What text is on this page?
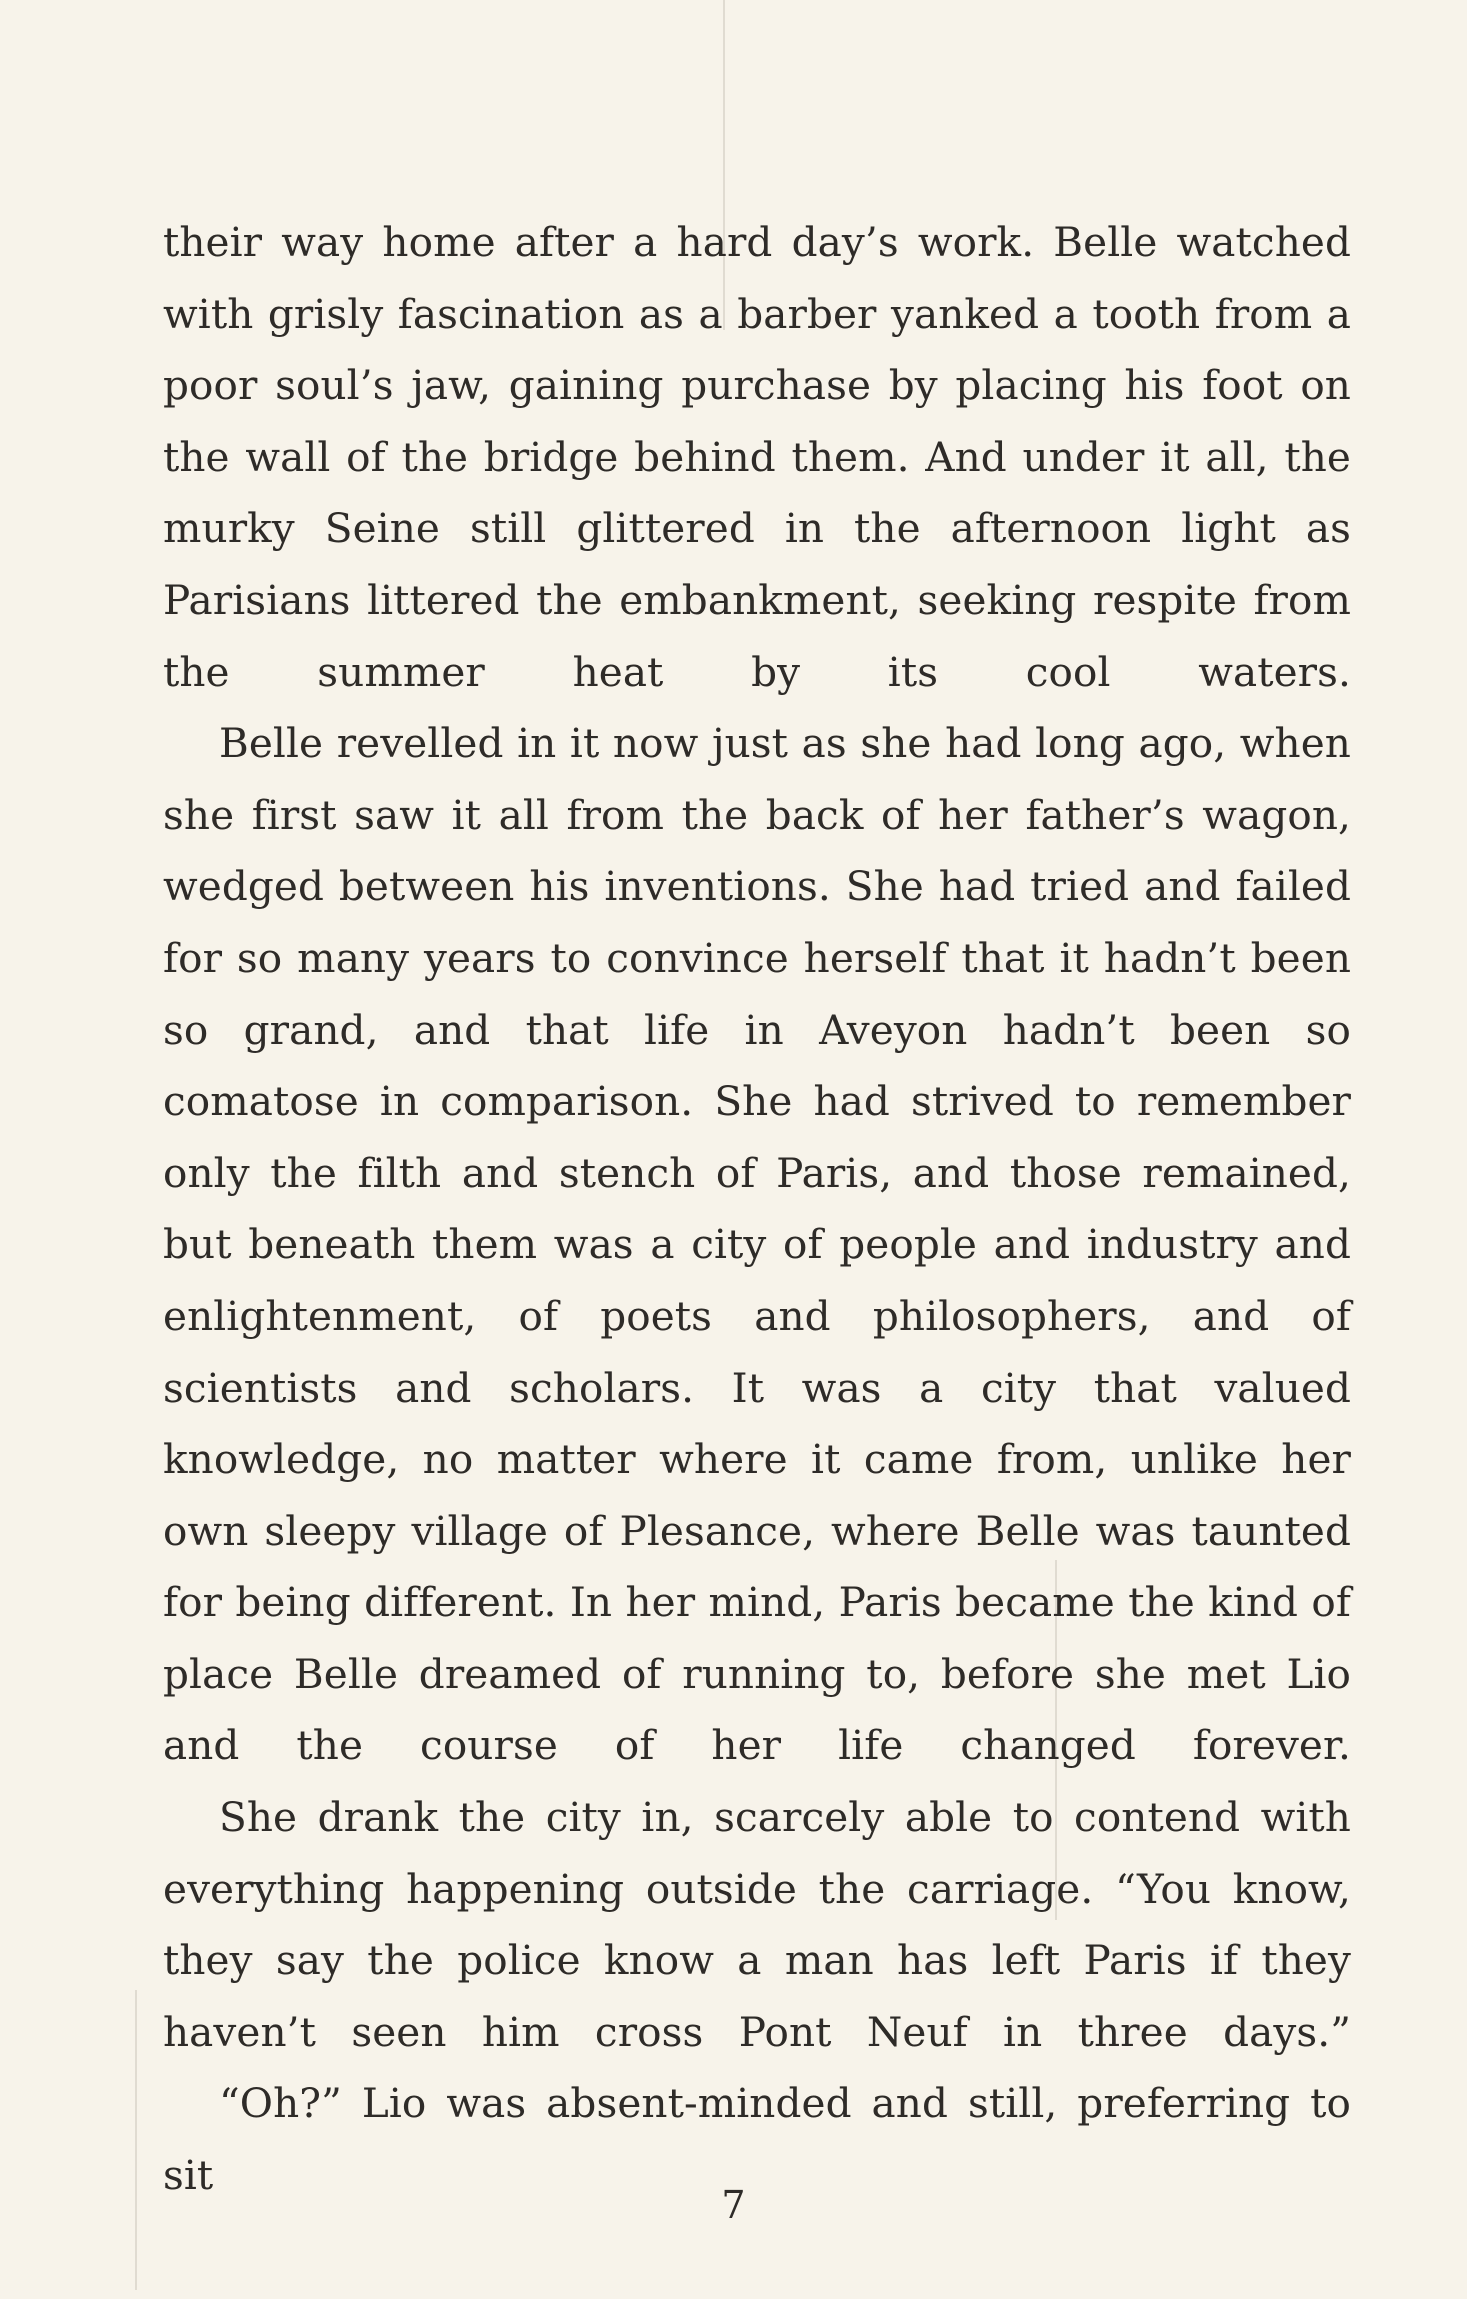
their way home after a hard day’s work. Belle watched with grisly fascination as a barber yanked a tooth from a poor soul’s jaw, gaining purchase by placing his foot on the wall of the bridge behind them. And under it all, the murky Seine still glittered in the afternoon light as Parisians littered the embankment, seeking respite from the summer heat by its cool waters.

Belle revelled in it now just as she had long ago, when she first saw it all from the back of her father’s wagon, wedged between his inventions. She had tried and failed for so many years to convince herself that it hadn’t been so grand, and that life in Aveyon hadn’t been so comatose in comparison. She had strived to remember only the filth and stench of Paris, and those remained, but beneath them was a city of people and industry and enlightenment, of poets and philosophers, and of scientists and scholars. It was a city that valued knowledge, no matter where it came from, unlike her own sleepy village of Plesance, where Belle was taunted for being different. In her mind, Paris became the kind of place Belle dreamed of running to, before she met Lio and the course of her life changed forever.

She drank the city in, scarcely able to contend with everything happening outside the carriage. “You know, they say the police know a man has left Paris if they haven’t seen him cross Pont Neuf in three days.”

“Oh?” Lio was absent-minded and still, preferring to sit

7
